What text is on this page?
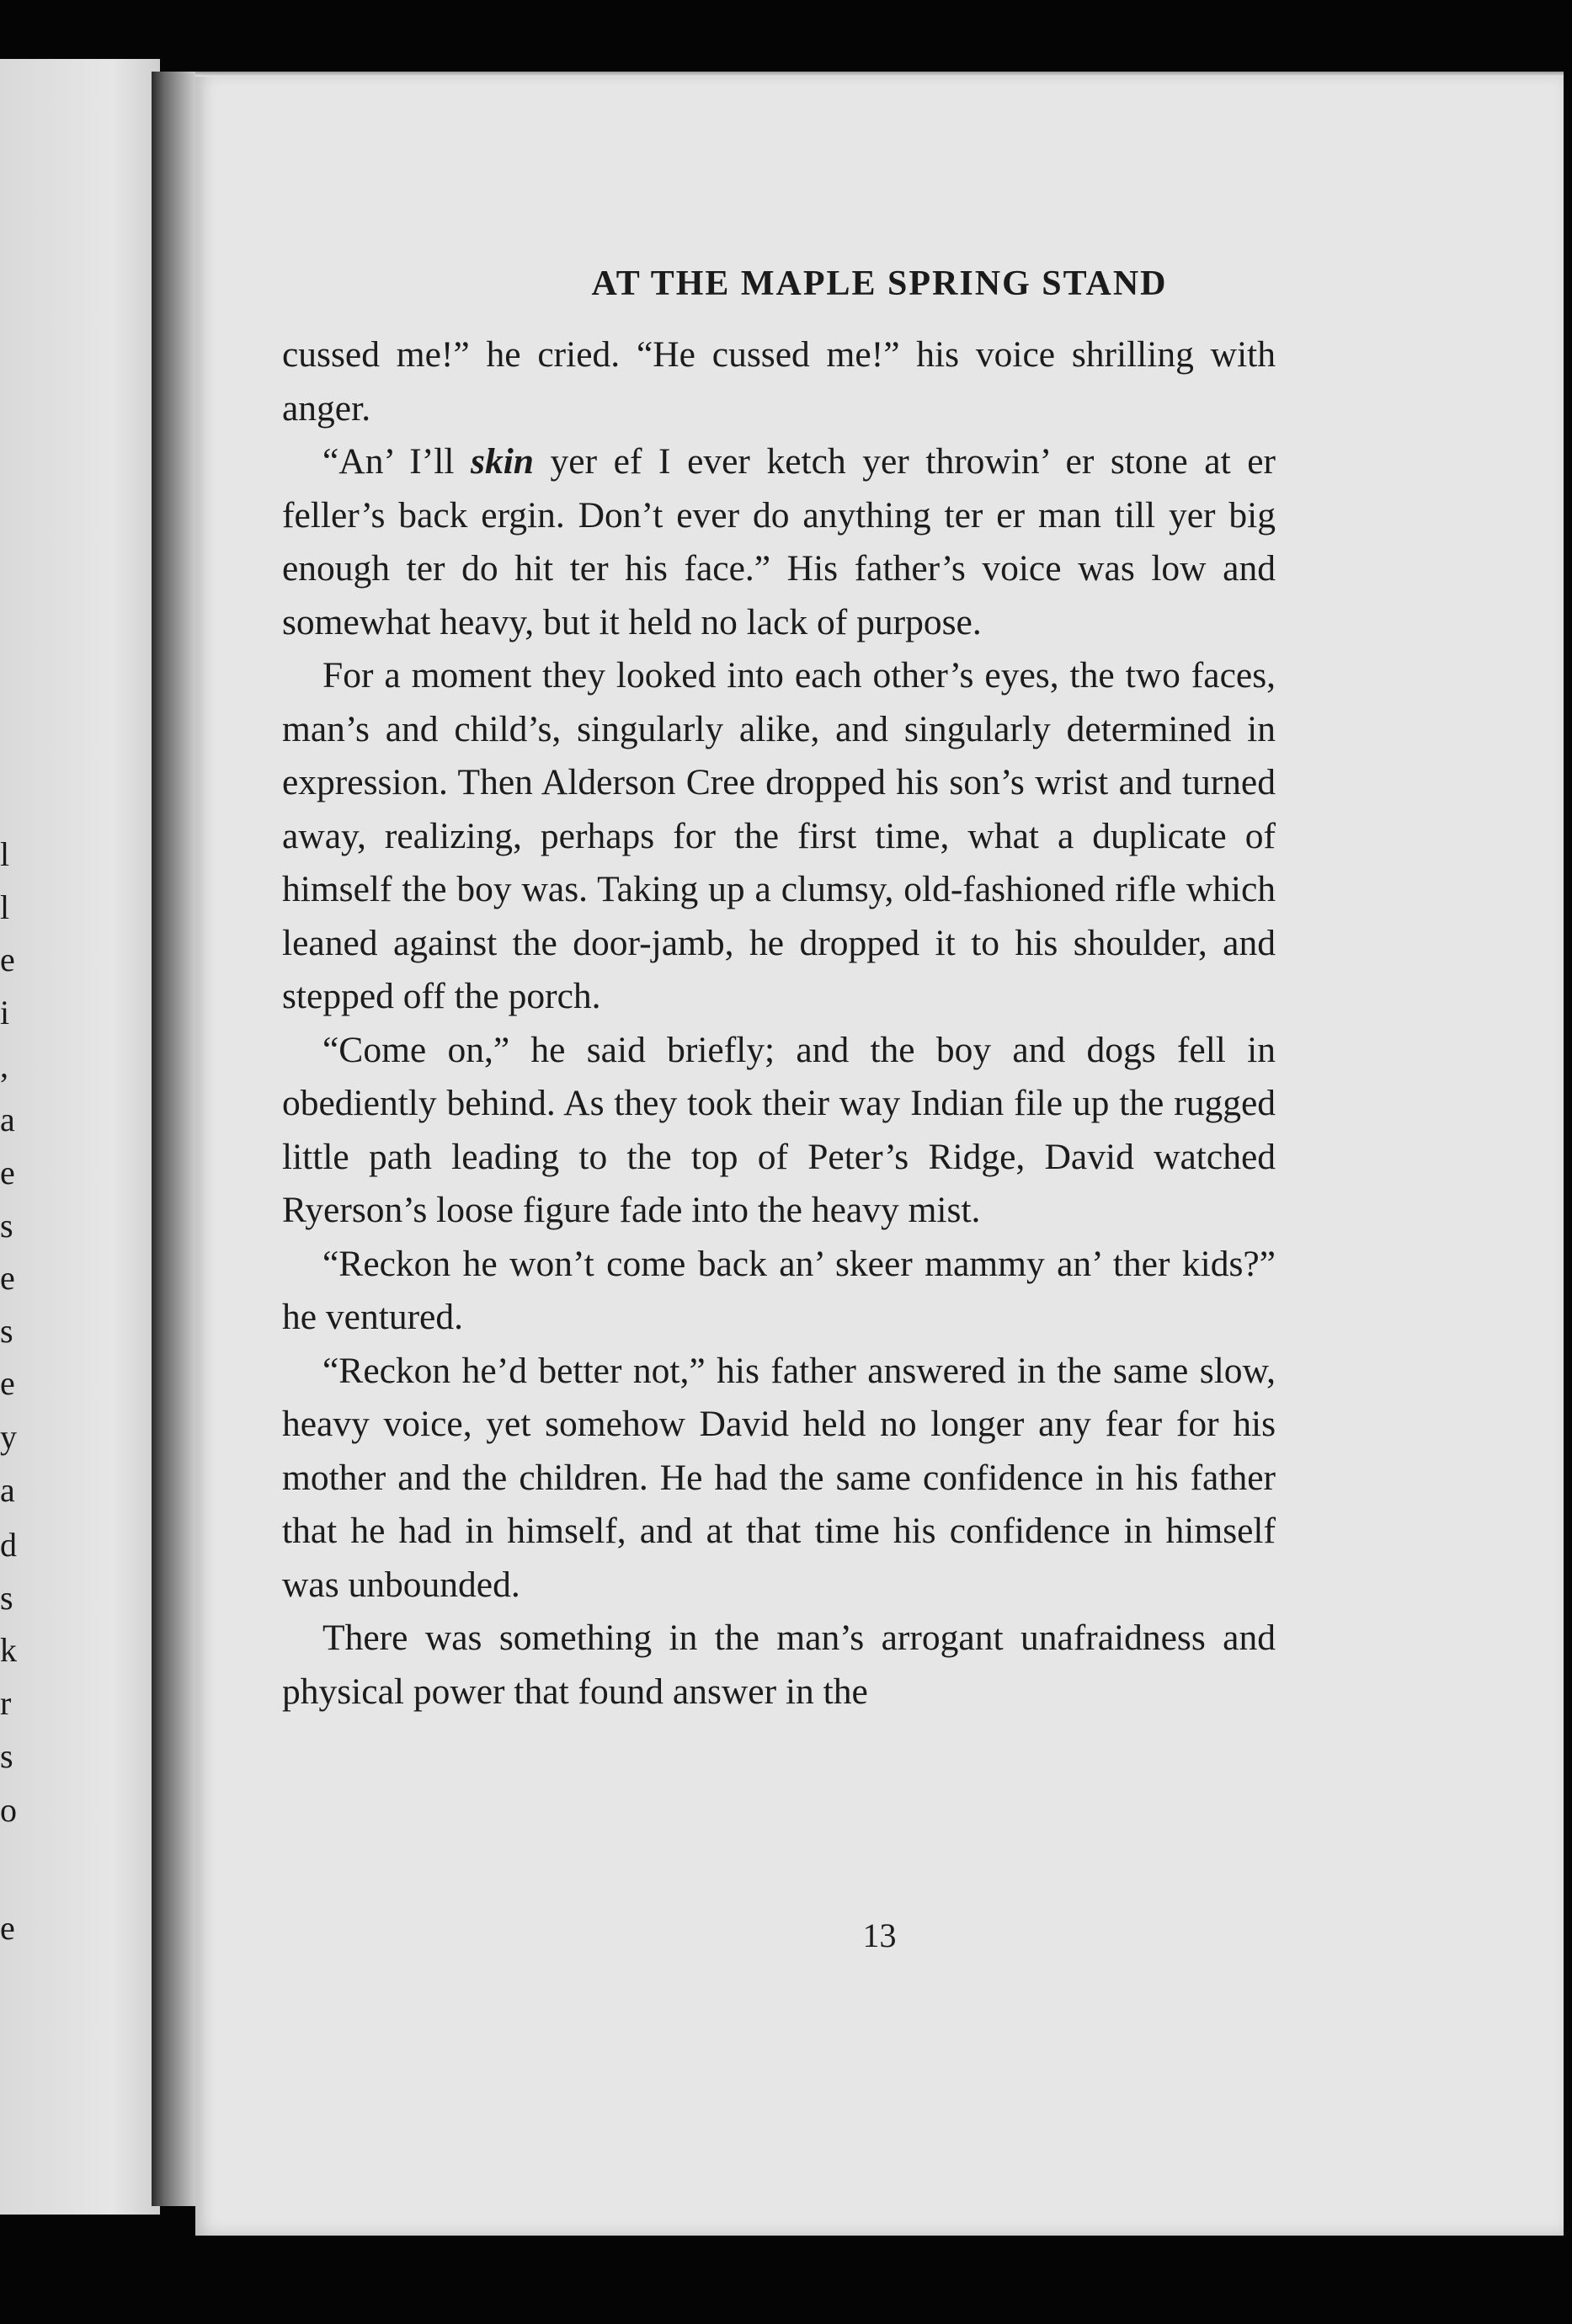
l
l
e
i
,
a
e
s
e
s
e
y
a
d
s
k
r
s
o
e
AT THE MAPLE SPRING STAND

cussed me!” he cried. “He cussed me!” his voice shrilling with anger.

“An’ I’ll skin yer ef I ever ketch yer throwin’ er stone at er feller’s back ergin. Don’t ever do anything ter er man till yer big enough ter do hit ter his face.” His father’s voice was low and somewhat heavy, but it held no lack of purpose.

For a moment they looked into each other’s eyes, the two faces, man’s and child’s, singularly alike, and singularly determined in expression. Then Alderson Cree dropped his son’s wrist and turned away, realizing, perhaps for the first time, what a duplicate of himself the boy was. Taking up a clumsy, old-fashioned rifle which leaned against the door-jamb, he dropped it to his shoulder, and stepped off the porch.

“Come on,” he said briefly; and the boy and dogs fell in obediently behind. As they took their way Indian file up the rugged little path leading to the top of Peter’s Ridge, David watched Ryerson’s loose figure fade into the heavy mist.

“Reckon he won’t come back an’ skeer mammy an’ ther kids?” he ventured.

“Reckon he’d better not,” his father answered in the same slow, heavy voice, yet somehow David held no longer any fear for his mother and the children. He had the same confidence in his father that he had in himself, and at that time his confidence in himself was unbounded.

There was something in the man’s arrogant unafraidness and physical power that found answer in the

13
